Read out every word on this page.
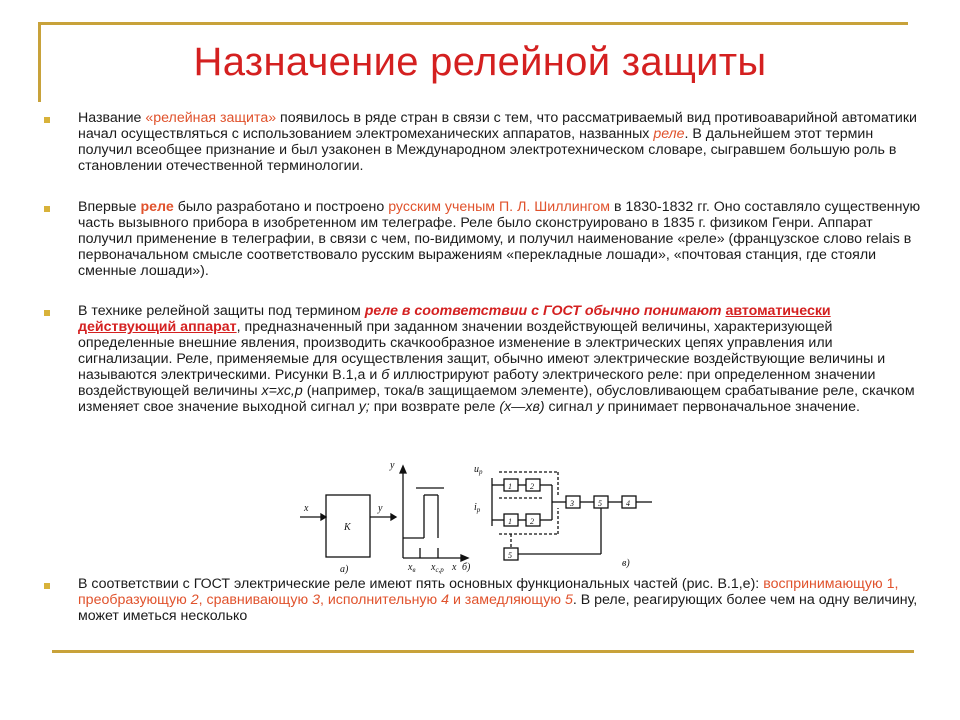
Назначение релейной защиты
Название «релейная защита» появилось в ряде стран в связи с тем, что рассматриваемый вид противоаварийной автоматики начал осуществляться с использованием электромеханических аппаратов, названных реле. В дальнейшем этот термин получил всеобщее признание и был узаконен в Международном электротехническом словаре, сыгравшем большую роль в становлении отечественной терминологии.
Впервые реле было разработано и построено русским ученым П. Л. Шиллингом в 1830-1832 гг. Оно составляло существенную часть вызывного прибора в изобретенном им телеграфе. Реле было сконструировано в 1835 г. физиком Генри. Аппарат получил применение в телеграфии, в связи с чем, по-видимому, и получил наименование «реле» (французское слово relais в первоначальном смысле соответствовало русским выражениям «перекладные лошади», «почтовая станция, где стояли сменные лошади»).
В технике релейной защиты под термином реле в соответствии с ГОСТ обычно понимают автоматически действующий аппарат, предназначенный при заданном значении воздействующей величины, характеризующей определенные внешние явления, производить скачкообразное изменение в электрических цепях управления или сигнализации. Реле, применяемые для осуществления защит, обычно имеют электрические воздействующие величины и называются электрическими. Рисунки В.1,а и б иллюстрируют работу электрического реле: при определенном значении воздействующей величины х=хс,р (например, тока/в защищаемом элементе), обусловливающем срабатывание реле, скачком изменяет свое значение выходной сигнал у; при возврате реле (х—хв) сигнал у принимает первоначальное значение.
x
K
y
а)
y
$x_в$ $x_{с,р}$ x б)
$u_р$
$i_р$
1 2
1 2
3	5	4
5
в)
В соответствии с ГОСТ электрические реле имеют пять основных функциональных частей (рис. В.1,е): воспринимающую 1, преобразующую 2, сравнивающую 3, исполнительную 4 и замедляющую 5. В реле, реагирующих более чем на одну величину, может иметься несколько
